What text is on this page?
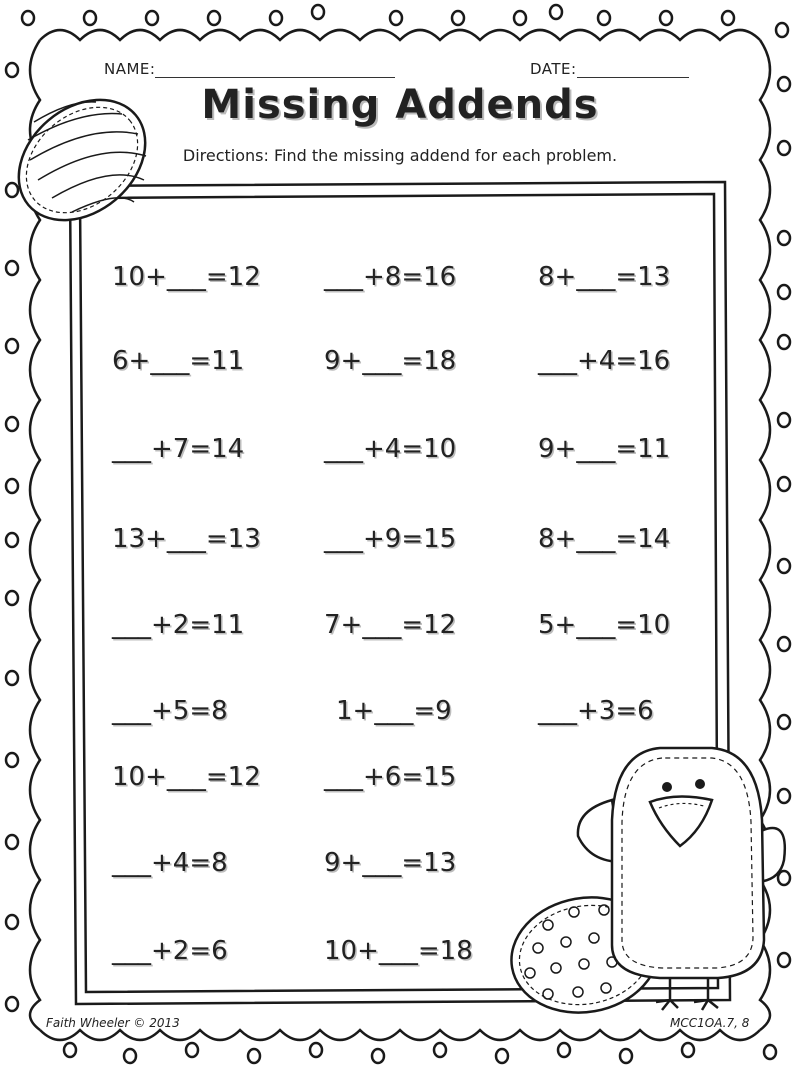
NAME:	DATE:
Missing Addends
Directions: Find the missing addend for each problem.
10+___=12 ___+8=16	8+___=13
6+___=11	9+___=18	___+4=16
___+7=14	___+4=10	9+___=11
13+___=13 ___+9=15	8+___=14
___+2=11	7+___=12	5+___=10
___+5=8	1+___=9	___+3=6
10+___=12 ___+6=15
___+4=8	9+___=13
___+2=6	10+___=18
Faith Wheeler © 2013	MCC1OA.7, 8
